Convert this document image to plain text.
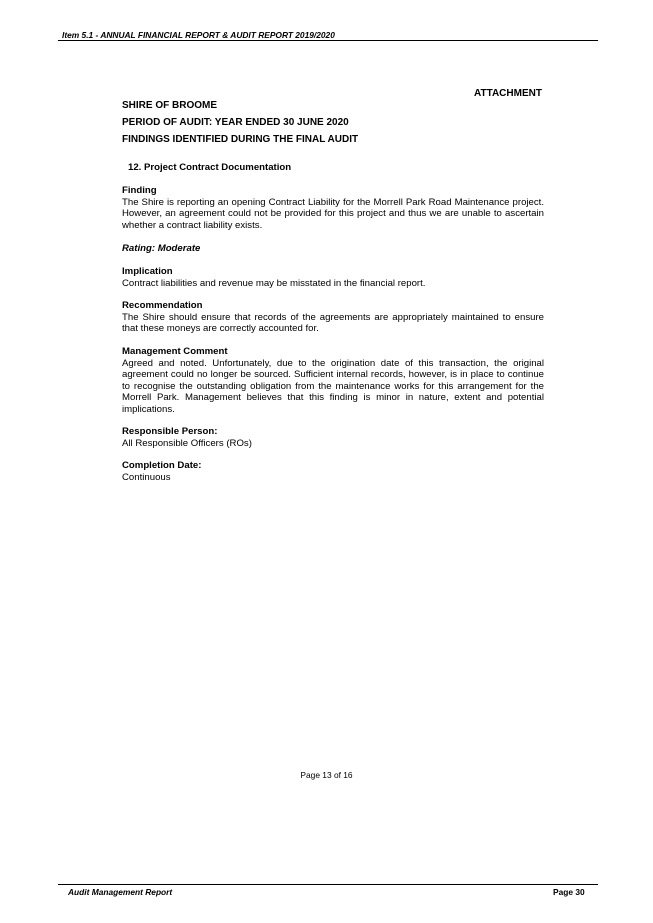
Item 5.1 - ANNUAL FINANCIAL REPORT & AUDIT REPORT 2019/2020
ATTACHMENT
SHIRE OF BROOME
PERIOD OF AUDIT: YEAR ENDED 30 JUNE 2020
FINDINGS IDENTIFIED DURING THE FINAL AUDIT
12. Project Contract Documentation
Finding
The Shire is reporting an opening Contract Liability for the Morrell Park Road Maintenance project. However, an agreement could not be provided for this project and thus we are unable to ascertain whether a contract liability exists.
Rating: Moderate
Implication
Contract liabilities and revenue may be misstated in the financial report.
Recommendation
The Shire should ensure that records of the agreements are appropriately maintained to ensure that these moneys are correctly accounted for.
Management Comment
Agreed and noted. Unfortunately, due to the origination date of this transaction, the original agreement could no longer be sourced. Sufficient internal records, however, is in place to continue to recognise the outstanding obligation from the maintenance works for this arrangement for the Morrell Park. Management believes that this finding is minor in nature, extent and potential implications.
Responsible Person:
All Responsible Officers (ROs)
Completion Date:
Continuous
Page 13 of 16
Audit Management Report	Page 30
